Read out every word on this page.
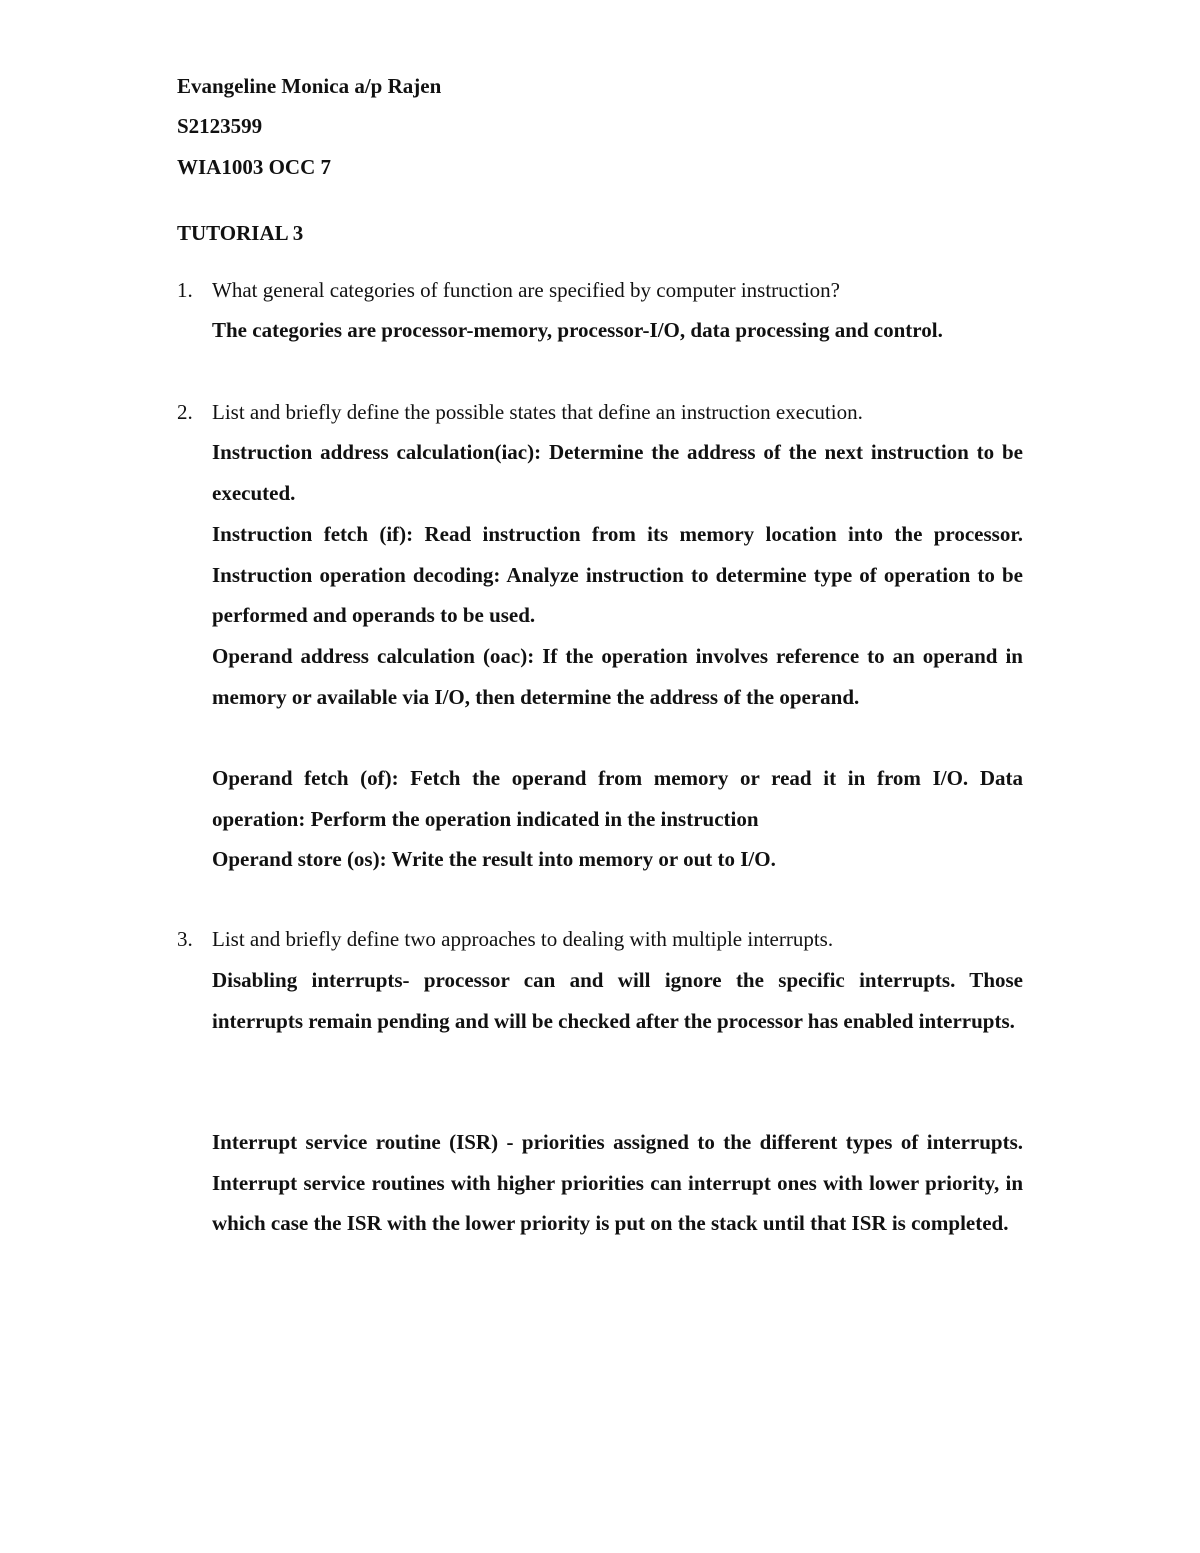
Evangeline Monica a/p Rajen
S2123599
WIA1003 OCC 7
TUTORIAL 3
1. What general categories of function are specified by computer instruction?
The categories are processor-memory, processor-I/O, data processing and control.
2. List and briefly define the possible states that define an instruction execution.
Instruction address calculation(iac): Determine the address of the next instruction to be executed.
Instruction fetch (if): Read instruction from its memory location into the processor. Instruction operation decoding: Analyze instruction to determine type of operation to be performed and operands to be used.
Operand address calculation (oac): If the operation involves reference to an operand in memory or available via I/O, then determine the address of the operand.
Operand fetch (of): Fetch the operand from memory or read it in from I/O. Data operation: Perform the operation indicated in the instruction
Operand store (os): Write the result into memory or out to I/O.
3. List and briefly define two approaches to dealing with multiple interrupts.
Disabling interrupts- processor can and will ignore the specific interrupts. Those interrupts remain pending and will be checked after the processor has enabled interrupts.
Interrupt service routine (ISR) - priorities assigned to the different types of interrupts. Interrupt service routines with higher priorities can interrupt ones with lower priority, in which case the ISR with the lower priority is put on the stack until that ISR is completed.
